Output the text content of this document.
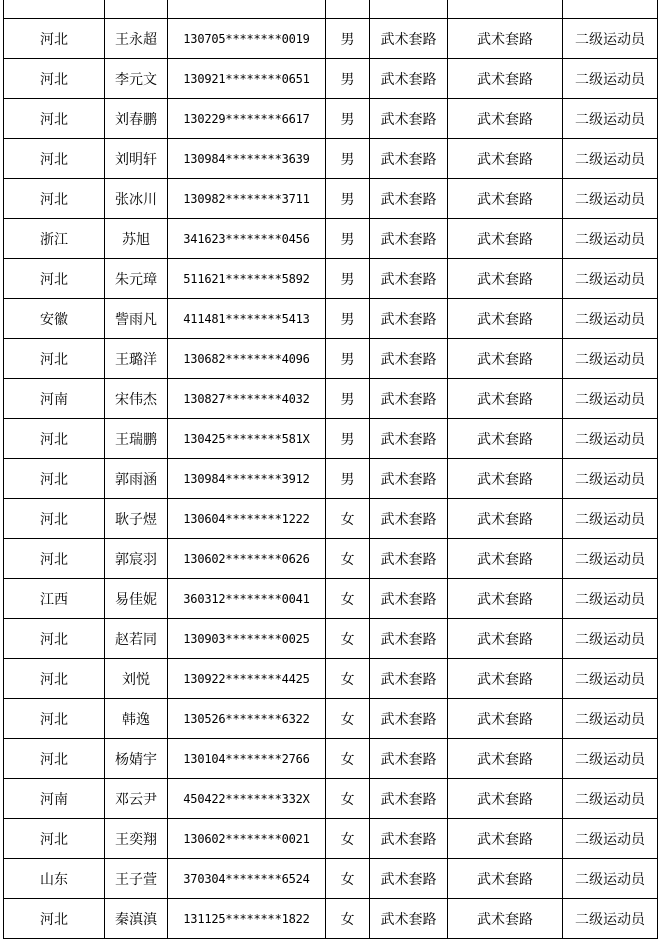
河北	王永超	130705********0019	男	武术套路	武术套路	二级运动员
河北	李元文	130921********0651	男	武术套路	武术套路	二级运动员
河北	刘春鹏	130229********6617	男	武术套路	武术套路	二级运动员
河北	刘明轩	130984********3639	男	武术套路	武术套路	二级运动员
河北	张冰川	130982********3711	男	武术套路	武术套路	二级运动员
浙江	苏旭	341623********0456	男	武术套路	武术套路	二级运动员
河北	朱元璋	511621********5892	男	武术套路	武术套路	二级运动员
安徽	訾雨凡	411481********5413	男	武术套路	武术套路	二级运动员
河北	王璐洋	130682********4096	男	武术套路	武术套路	二级运动员
河南	宋伟杰	130827********4032	男	武术套路	武术套路	二级运动员
河北	王瑞鹏	130425********581X	男	武术套路	武术套路	二级运动员
河北	郭雨涵	130984********3912	男	武术套路	武术套路	二级运动员
河北	耿子煜	130604********1222	女	武术套路	武术套路	二级运动员
河北	郭宸羽	130602********0626	女	武术套路	武术套路	二级运动员
江西	易佳妮	360312********0041	女	武术套路	武术套路	二级运动员
河北	赵若同	130903********0025	女	武术套路	武术套路	二级运动员
河北	刘悦	130922********4425	女	武术套路	武术套路	二级运动员
河北	韩逸	130526********6322	女	武术套路	武术套路	二级运动员
河北	杨婧宇	130104********2766	女	武术套路	武术套路	二级运动员
河南	邓云尹	450422********332X	女	武术套路	武术套路	二级运动员
河北	王奕翔	130602********0021	女	武术套路	武术套路	二级运动员
山东	王子萱	370304********6524	女	武术套路	武术套路	二级运动员
河北	秦滇滇	131125********1822	女	武术套路	武术套路	二级运动员
